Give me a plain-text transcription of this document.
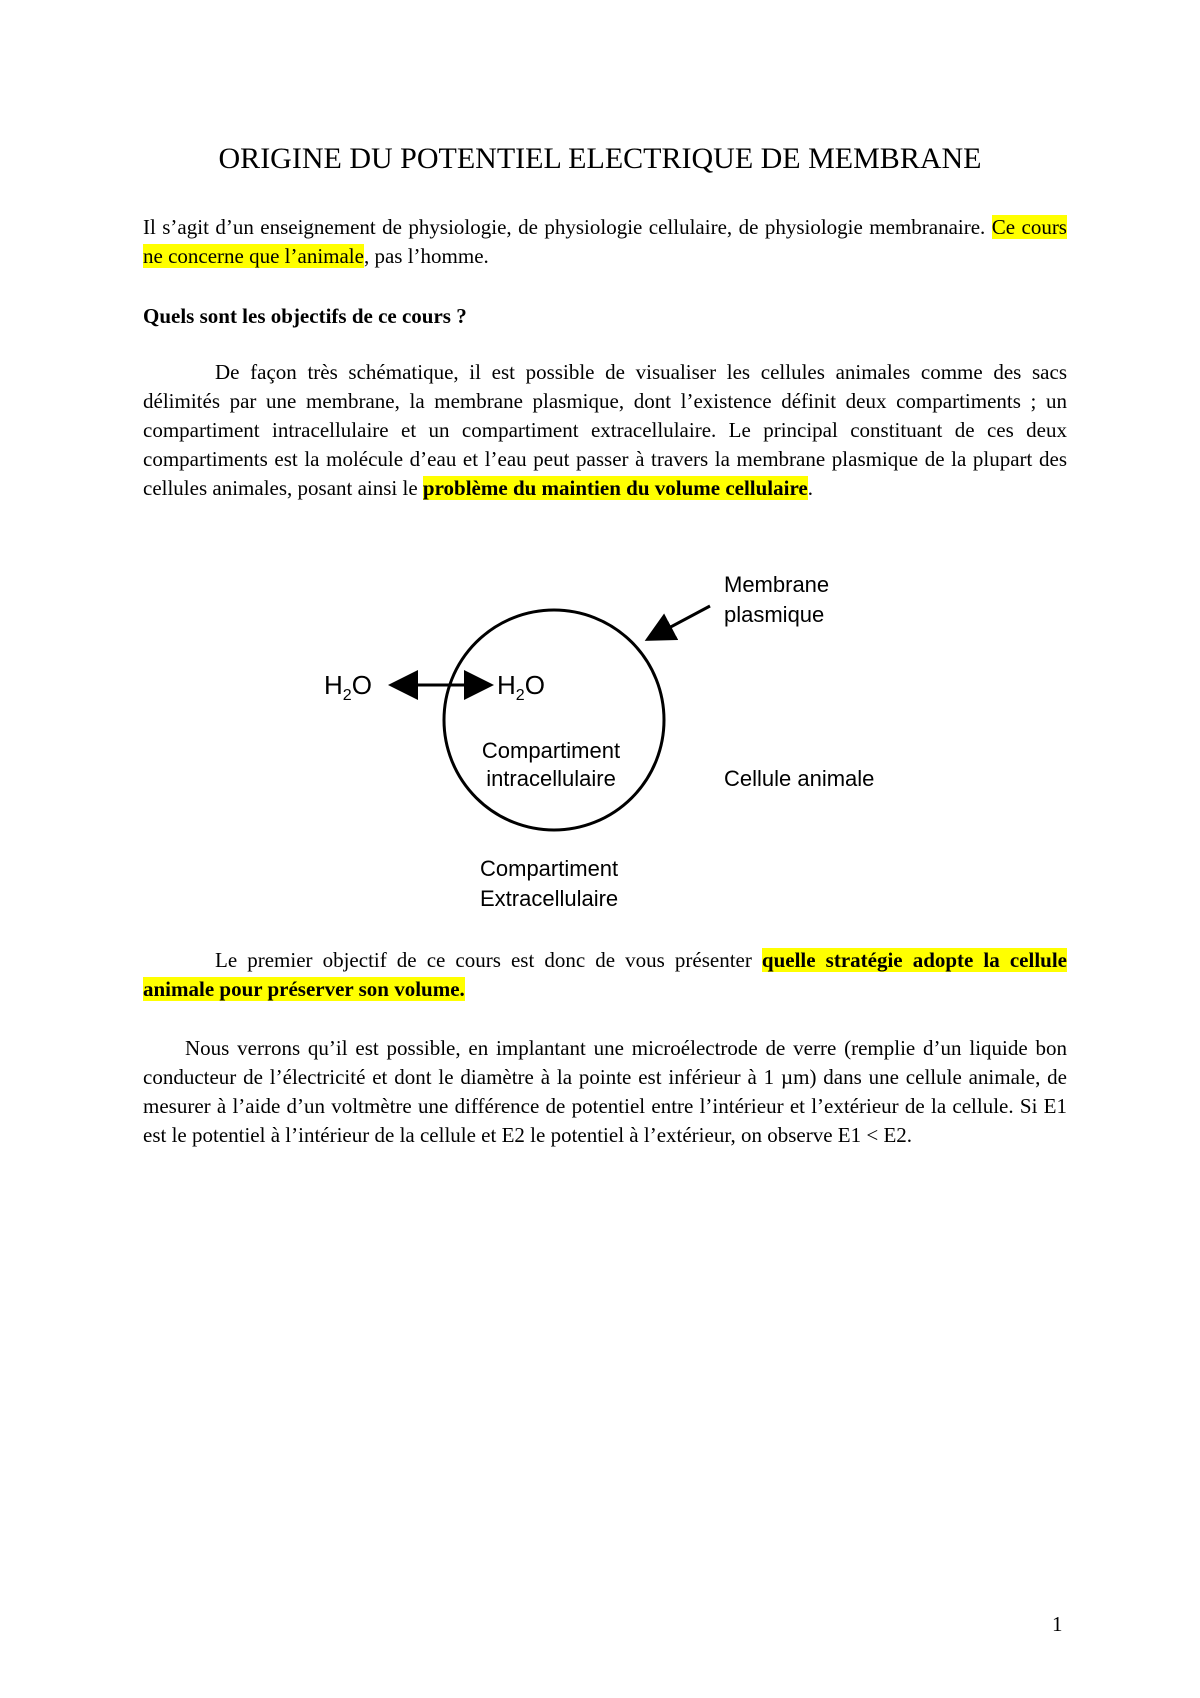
ORIGINE DU POTENTIEL ELECTRIQUE DE MEMBRANE
Il s’agit d’un enseignement de physiologie, de physiologie cellulaire, de physiologie membranaire. Ce cours ne concerne que l’animale, pas l’homme.
Quels sont les objectifs de ce cours ?
De façon très schématique, il est possible de visualiser les cellules animales comme des sacs délimités par une membrane, la membrane plasmique, dont l’existence définit deux compartiments ; un compartiment intracellulaire et un compartiment extracellulaire. Le principal constituant de ces deux compartiments est la molécule d’eau et l’eau peut passer à travers la membrane plasmique de la plupart des cellules animales, posant ainsi le problème du maintien du volume cellulaire.
Membrane
plasmique
$H_2O$	$H_2O$
Compartiment
intracellulaire	Cellule animale
Compartiment
Extracellulaire
Le premier objectif de ce cours est donc de vous présenter quelle stratégie adopte la cellule animale pour préserver son volume.
Nous verrons qu’il est possible, en implantant une microélectrode de verre (remplie d’un liquide bon conducteur de l’électricité et dont le diamètre à la pointe est inférieur à 1 µm) dans une cellule animale, de mesurer à l’aide d’un voltmètre une différence de potentiel entre l’intérieur et l’extérieur de la cellule. Si E1 est le potentiel à l’intérieur de la cellule et E2 le potentiel à l’extérieur, on observe E1 < E2.
1
